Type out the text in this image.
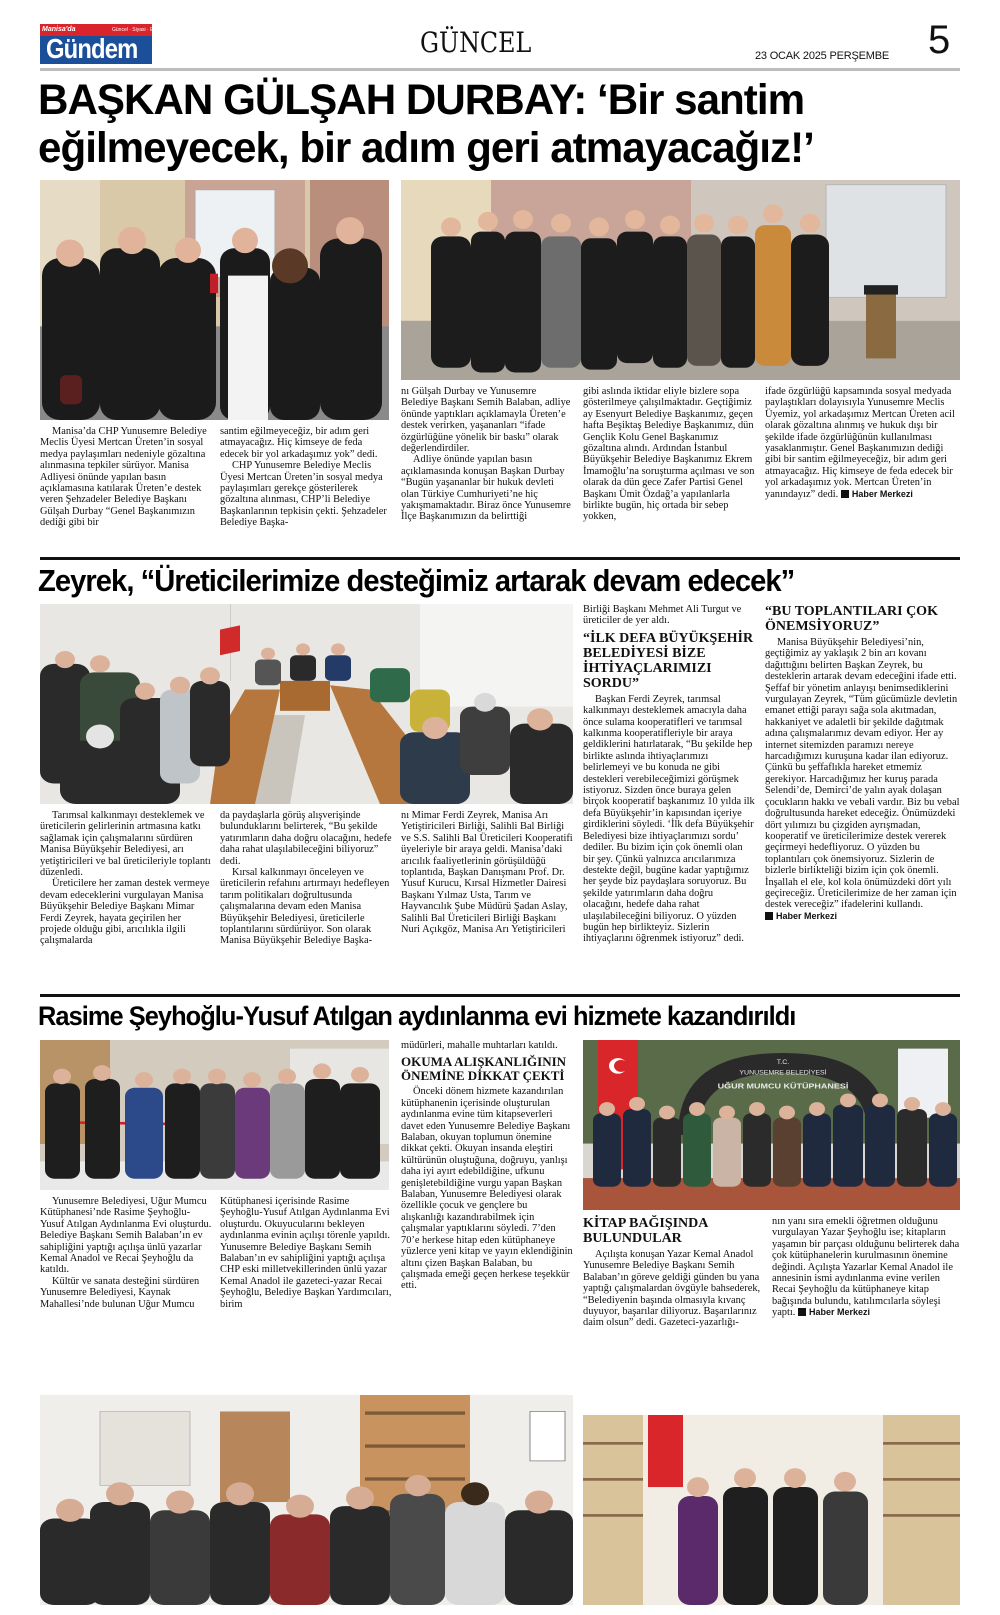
Manisa'da	Güncel · Siyasi · Ekonomi
Gündem	GÜNCEL	23 OCAK 2025 PERŞEMBE 5
BAŞKAN GÜLŞAH DURBAY: ‘Bir santim
eğilmeyecek, bir adım geri atmayacağız!’

Manisa’da CHP Yunusemre Belediye Meclis Üyesi Mertcan Üreten’in sosyal medya paylaşımları nedeniyle gözaltına alınmasına tepkiler sürüyor. Manisa Adliyesi önünde yapılan basın açıklamasına katılarak Üreten’e destek veren Şehzadeler Belediye Başkanı Gülşah Durbay “Genel Başkanımızın dediği gibi bir

santim eğilmeyeceğiz, bir adım geri atmayacağız. Hiç kimseye de feda edecek bir yol arkadaşımız yok” dedi.

CHP Yunusemre Belediye Meclis Üyesi Mertcan Üreten’in sosyal medya paylaşımları gerekçe gösterilerek gözaltına alınması, CHP’li Belediye Başkanlarının tepkisin çekti. Şehzadeler Belediye Başka-

nı Gülşah Durbay ve Yunusemre Belediye Başkanı Semih Balaban, adliye önünde yaptıkları açıklamayla Üreten’e destek verirken, yaşananları “ifade özgürlüğüne yönelik bir baskı” olarak değerlendirdiler.

Adliye önünde yapılan basın açıklamasında konuşan Başkan Durbay “Bugün yaşananlar bir hukuk devleti olan Türkiye Cumhuriyeti’ne hiç yakışmamaktadır. Biraz önce Yunusemre İlçe Başkanımızın da belirttiği

gibi aslında iktidar eliyle bizlere sopa gösterilmeye çalışılmaktadır. Geçtiğimiz ay Esenyurt Belediye Başkanımız, geçen hafta Beşiktaş Belediye Başkanımız, dün Gençlik Kolu Genel Başkanımız gözaltına alındı. Ardından İstanbul Büyükşehir Belediye Başkanımız Ekrem İmamoğlu’na soruşturma açılması ve son olarak da dün gece Zafer Partisi Genel Başkanı Ümit Özdağ’a yapılanlarla birlikte bugün, hiç ortada bir sebep yokken,

ifade özgürlüğü kapsamında sosyal medyada paylaştıkları dolayısıyla Yunusemre Meclis Üyemiz, yol arkadaşımız Mertcan Üreten acil olarak gözaltına alınmış ve hukuk dışı bir şekilde ifade özgürlüğünün kullanılması yasaklanmıştır. Genel Başkanımızın dediği gibi bir santim eğilmeyeceğiz, bir adım geri atmayacağız. Hiç kimseye de feda edecek bir yol arkadaşımız yok. Mertcan Üreten’in yanındayız” dedi. Haber Merkezi

Zeyrek, “Üreticilerimize desteğimiz artarak devam edecek”

Tarımsal kalkınmayı desteklemek ve üreticilerin gelirlerinin artmasına katkı sağlamak için çalışmalarını sürdüren Manisa Büyükşehir Belediyesi, arı yetiştiricileri ve bal üreticileriyle toplantı düzenledi.

Üreticilere her zaman destek vermeye devam edeceklerini vurgulayan Manisa Büyükşehir Belediye Başkanı Mimar Ferdi Zeyrek, hayata geçirilen her projede olduğu gibi, arıcılıkla ilgili çalışmalarda

da paydaşlarla görüş alışverişinde bulunduklarını belirterek, “Bu şekilde yatırımların daha doğru olacağını, hedefe daha rahat ulaşılabileceğini biliyoruz” dedi.

Kırsal kalkınmayı önceleyen ve üreticilerin refahını artırmayı hedefleyen tarım politikaları doğrultusunda çalışmalarına devam eden Manisa Büyükşehir Belediyesi, üreticilerle toplantılarını sürdürüyor. Son olarak Manisa Büyükşehir Belediye Başka-

nı Mimar Ferdi Zeyrek, Manisa Arı Yetiştiricileri Birliği, Salihli Bal Birliği ve S.S. Salihli Bal Üreticileri Kooperatifi üyeleriyle bir araya geldi. Manisa’daki arıcılık faaliyetlerinin görüşüldüğü toplantıda, Başkan Danışmanı Prof. Dr. Yusuf Kurucu, Kırsal Hizmetler Dairesi Başkanı Yılmaz Usta, Tarım ve Hayvancılık Şube Müdürü Şadan Aslay, Salihli Bal Üreticileri Birliği Başkanı Nuri Açıkgöz, Manisa Arı Yetiştiricileri

Birliği Başkanı Mehmet Ali Turgut ve üreticiler de yer aldı.

“İLK DEFA BÜYÜKŞEHİR BELEDİYESİ BİZE İHTİYAÇLARIMIZI SORDU”

Başkan Ferdi Zeyrek, tarımsal kalkınmayı desteklemek amacıyla daha önce sulama kooperatifleri ve tarımsal kalkınma kooperatifleriyle bir araya geldiklerini hatırlatarak, “Bu şekilde hep birlikte aslında ihtiyaçlarımızı belirlemeyi ve bu konuda ne gibi destekleri verebileceğimizi görüşmek istiyoruz. Sizden önce buraya gelen birçok kooperatif başkanımız 10 yılda ilk defa Büyükşehir’in kapısından içeriye girdiklerini söyledi. ‘İlk defa Büyükşehir Belediyesi bize ihtiyaçlarımızı sordu’ dediler. Bu bizim için çok önemli olan bir şey. Çünkü yalnızca arıcılarımıza destekte değil, bugüne kadar yaptığımız her şeyde biz paydaşlara soruyoruz. Bu şekilde yatırımların daha doğru olacağını, hedefe daha rahat ulaşılabileceğini biliyoruz. O yüzden bugün hep birlikteyiz. Sizlerin ihtiyaçlarını öğrenmek istiyoruz” dedi.

“BU TOPLANTILARI ÇOK ÖNEMSİYORUZ”

Manisa Büyükşehir Belediyesi’nin, geçtiğimiz ay yaklaşık 2 bin arı kovanı dağıttığını belirten Başkan Zeyrek, bu desteklerin artarak devam edeceğini ifade etti. Şeffaf bir yönetim anlayışı benimsediklerini vurgulayan Zeyrek, “Tüm gücümüzle devletin emanet ettiği parayı sağa sola akıtmadan, hakkaniyet ve adaletli bir şekilde dağıtmak adına çalışmalarımız devam ediyor. Her ay internet sitemizden paramızı nereye harcadığımızı kuruşuna kadar ilan ediyoruz. Çünkü bu şeffaflıkla hareket etmemiz gerekiyor. Harcadığımız her kuruş parada Selendi’de, Demirci’de yalın ayak dolaşan çocukların hakkı ve vebali vardır. Biz bu vebal doğrultusunda hareket edeceğiz. Önümüzdeki dört yılımızı bu çizgiden ayrışmadan, kooperatif ve üreticilerimize destek vererek geçirmeyi hedefliyoruz. O yüzden bu toplantıları çok önemsiyoruz. Sizlerin de bizlerle birlikteliği bizim için çok önemli. İnşallah el ele, kol kola önümüzdeki dört yılı geçireceğiz. Üreticilerimize de her zaman için destek vereceğiz” ifadelerini kullandı. Haber Merkezi

Rasime Şeyhoğlu-Yusuf Atılgan aydınlanma evi hizmete kazandırıldı

Yunusemre Belediyesi, Uğur Mumcu Kütüphanesi’nde Rasime Şeyhoğlu-Yusuf Atılgan Aydınlanma Evi oluşturdu. Belediye Başkanı Semih Balaban’ın ev sahipliğini yaptığı açılışa ünlü yazarlar Kemal Anadol ve Recai Şeyhoğlu da katıldı.

Kültür ve sanata desteğini sürdüren Yunusemre Belediyesi, Kaynak Mahallesi’nde bulunan Uğur Mumcu

Kütüphanesi içerisinde Rasime Şeyhoğlu-Yusuf Atılgan Aydınlanma Evi oluşturdu. Okuyucularını bekleyen aydınlanma evinin açılışı törenle yapıldı. Yunusemre Belediye Başkanı Semih Balaban’ın ev sahipliğini yaptığı açılışa CHP eski milletvekillerinden ünlü yazar Kemal Anadol ile gazeteci-yazar Recai Şeyhoğlu, Belediye Başkan Yardımcıları, birim

müdürleri, mahalle muhtarları katıldı.

OKUMA ALIŞKANLIĞININ ÖNEMİNE DİKKAT ÇEKTİ

Önceki dönem hizmete kazandırılan kütüphanenin içerisinde oluşturulan aydınlanma evine tüm kitapseverleri davet eden Yunusemre Belediye Başkanı Balaban, okuyan toplumun önemine dikkat çekti. Okuyan insanda eleştiri kültürünün oluştuğuna, doğruyu, yanlışı daha iyi ayırt edebildiğine, ufkunu genişletebildiğine vurgu yapan Başkan Balaban, Yunusemre Belediyesi olarak özellikle çocuk ve gençlere bu alışkanlığı kazandırabilmek için çalışmalar yaptıklarını söyledi. 7’den 70’e herkese hitap eden kütüphaneye yüzlerce yeni kitap ve yayın eklendiğinin altını çizen Başkan Balaban, bu çalışmada emeği geçen herkese teşekkür etti.

T.C.
YUNUSEMRE BELEDİYESİ
UĞUR MUMCU KÜTÜPHANESİ
KİTAP BAĞIŞINDA BULUNDULAR

Açılışta konuşan Yazar Kemal Anadol Yunusemre Belediye Başkanı Semih Balaban’ın göreve geldiği günden bu yana yaptığı çalışmalardan övgüyle bahsederek, “Belediyenin başında olmasıyla kıvanç duyuyor, başarılar diliyoruz. Başarılarınız daim olsun” dedi. Gazeteci-yazarlığı-

nın yanı sıra emekli öğretmen olduğunu vurgulayan Yazar Şeyhoğlu ise; kitapların yaşamın bir parçası olduğunu belirterek daha çok kütüphanelerin kurulmasının önemine değindi. Açılışta Yazarlar Kemal Anadol ile annesinin ismi aydınlanma evine verilen Recai Şeyhoğlu da kütüphaneye kitap bağışında bulundu, katılımcılarla söyleşi yaptı. Haber Merkezi
